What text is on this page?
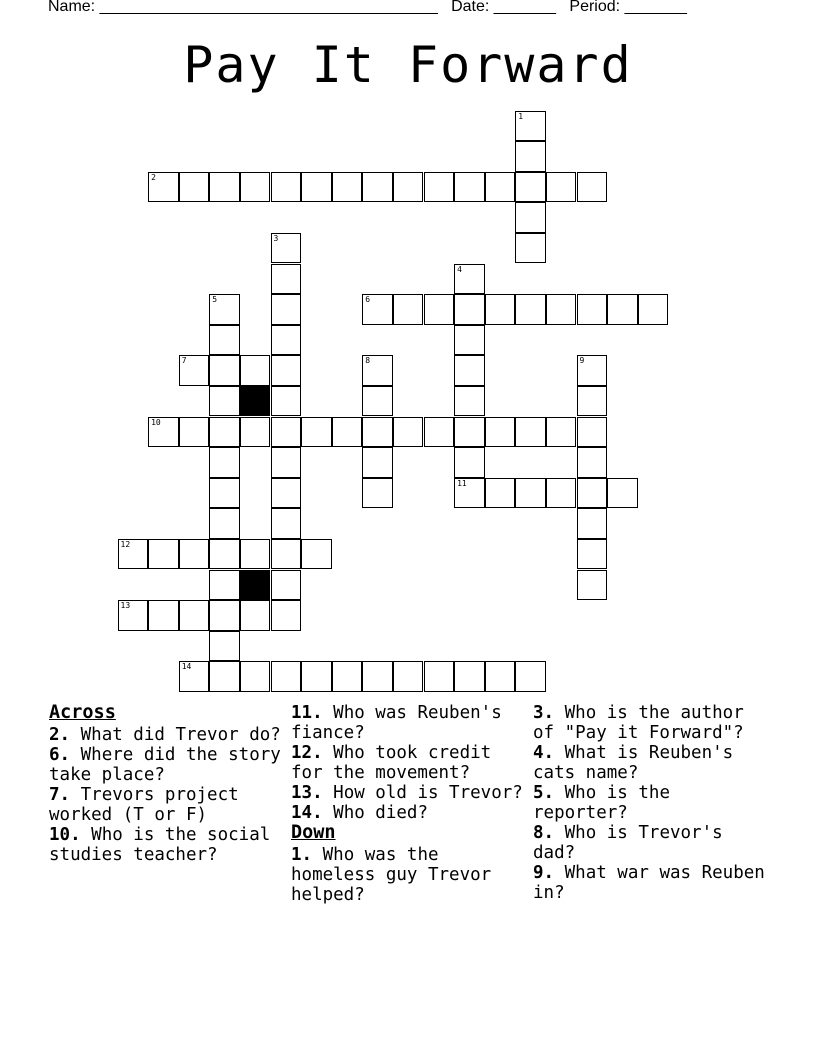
Name: ______________________________________ Date: _______ Period: _______
Pay It Forward
2
6
7
10
11
12
13
14
1
3
4
5
8	9
Across
2. What did Trevor do?
6. Where did the story take place?
7. Trevors project worked (T or F)
10. Who is the social studies teacher?
11. Who was Reuben's fiance?
12. Who took credit for the movement?
13. How old is Trevor?
14. Who died?
Down
1. Who was the homeless guy Trevor helped?
3. Who is the author of "Pay it Forward"?
4. What is Reuben's cats name?
5. Who is the reporter?
8. Who is Trevor's dad?
9. What war was Reuben in?
